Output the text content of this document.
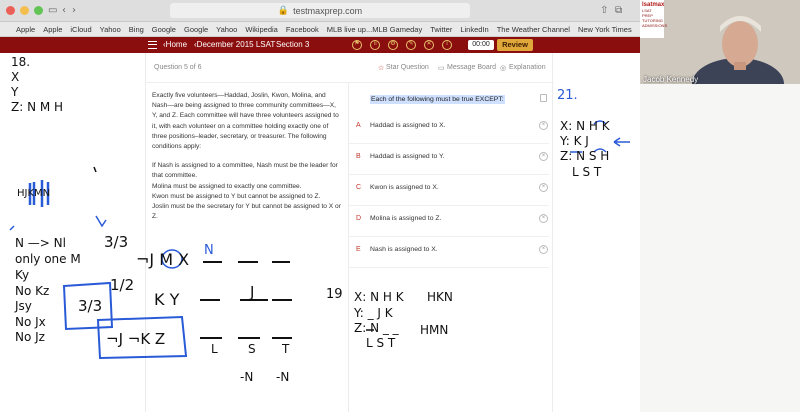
▭ ‹ ›	🔒 testmaxprep.com	⇧ ⧉
Apple Apple iCloud Yahoo Bing Google Google Yahoo Wikipedia Facebook MLB live up...MLB Gameday Twitter LinkedIn The Weather Channel New York Times
‹Home ‹December 2015 LSAT Section 3	⚑	॥	⚙	✎	✕	i	00:00	Review
Question 5 of 6	☆ Star Question ▭ Message Board ◎ Explanation

Exactly five volunteers—Haddad, Joslin, Kwon, Molina, and Nash—are being assigned to three community committees—X, Y, and Z. Each committee will have three volunteers assigned to it, with each volunteer on a committee holding exactly one of three positions–leader, secretary, or treasurer. The following conditions apply:

If Nash is assigned to a committee, Nash must be the leader for that committee.

Molina must be assigned to exactly one committee.

Kwon must be assigned to Y but cannot be assigned to Z.

Joslin must be the secretary for Y but cannot be assigned to X or Z.

Each of the following must be true EXCEPT:
A Haddad is assigned to X.	×
B Haddad is assigned to Y.	×
C Kwon is assigned to X.	×
D Molina is assigned to Z.	×
E Nash is assigned to X.	×
lsatmax
LSAT PREP TUTORING ADMISSIONS
Jacob Kennedy
18.
X
Y
Z: N M H
HJKMN
N —> Nl
only one M
Ky
No Kz
Jsy
No Jx
No Jz
3/3
1/2
3/3
¬J M X N
K Y	J
¬J ¬K Z
L	S T
-N -N
19 X: N H K
Y: _ J K
Z: N _ _
L S T
HKN
HMN
21.
X: N H K
Y: K J
Z: N S H
L S T
